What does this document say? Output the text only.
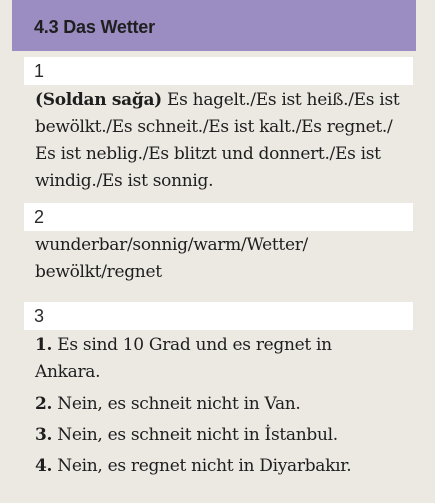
4.3 Das Wetter
1
(Soldan sağa) Es hagelt./Es ist heiß./Es ist
bewölkt./Es schneit./Es ist kalt./Es regnet./
Es ist neblig./Es blitzt und donnert./Es ist
windig./Es ist sonnig.
2
wunderbar/sonnig/warm/Wetter/
bewölkt/regnet
3
1. Es sind 10 Grad und es regnet in
Ankara.
2. Nein, es schneit nicht in Van.
3. Nein, es schneit nicht in İstanbul.
4. Nein, es regnet nicht in Diyarbakır.
